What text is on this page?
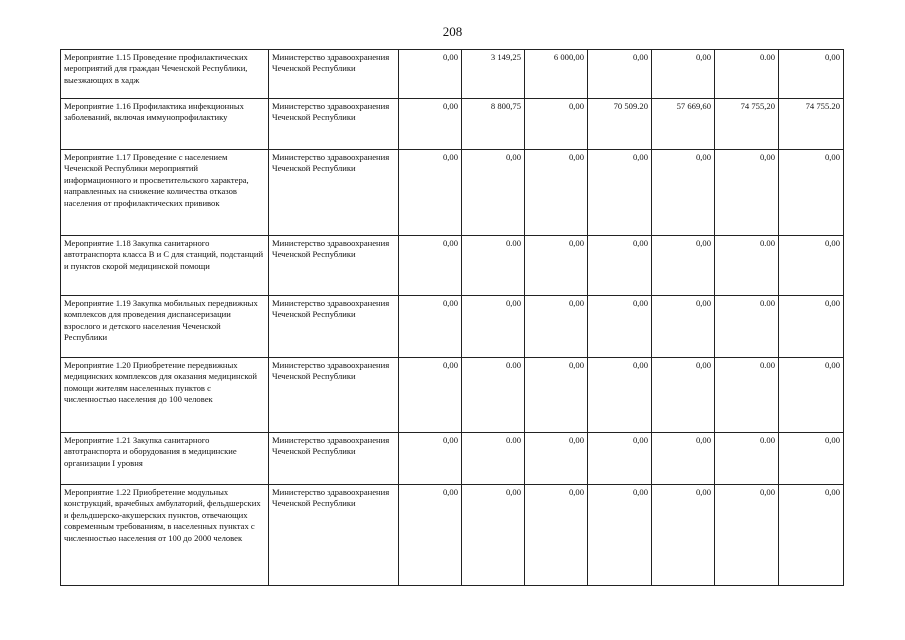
208
Мероприятие 1.15 Проведение профилактических мероприятий для граждан Чеченской Республики, выезжающих в хадж	Министерство здравоохранения Чеченской Республики	0,00	3 149,25	6 000,00	0,00	0,00	0.00	0,00
Мероприятие 1.16 Профилактика инфекционных заболеваний, включая иммунопрофилактику	Министерство здравоохранения Чеченской Республики	0,00	8 800,75	0,00	70 509.20	57 669,60	74 755,20	74 755.20
Мероприятие 1.17 Проведение с населением Чеченской Республики мероприятий информационного и просветительского характера, направленных на снижение количества отказов населения от профилактических прививок	Министерство здравоохранения Чеченской Республики	0,00	0,00	0,00	0,00	0,00	0,00	0,00
Мероприятие 1.18 Закупка санитарного автотранспорта класса В и С для станций, подстанций и пунктов скорой медицинской помощи	Министерство здравоохранения Чеченской Республики	0,00	0.00	0,00	0,00	0,00	0.00	0,00
Мероприятие 1.19 Закупка мобильных передвижных комплексов для проведения диспансеризации взрослого и детского населения Чеченской Республики	Министерство здравоохранения Чеченской Республики	0,00	0,00	0,00	0,00	0,00	0.00	0,00
Мероприятие 1.20 Приобретение передвижных медицинских комплексов для оказания медицинской помощи жителям населенных пунктов с численностью населения до 100 человек	Министерство здравоохранения Чеченской Республики	0,00	0.00	0,00	0,00	0,00	0.00	0,00
Мероприятие 1.21 Закупка санитарного автотранспорта и оборудования в медицинские организации I уровня	Министерство здравоохранения Чеченской Республики	0,00	0.00	0,00	0,00	0,00	0.00	0,00
Мероприятие 1.22 Приобретение модульных конструкций, врачебных амбулаторий, фельдшерских и фельдшерско-акушерских пунктов, отвечающих современным требованиям, в населенных пунктах с численностью населения от 100 до 2000 человек	Министерство здравоохранения Чеченской Республики	0,00	0,00	0,00	0,00	0,00	0,00	0,00
